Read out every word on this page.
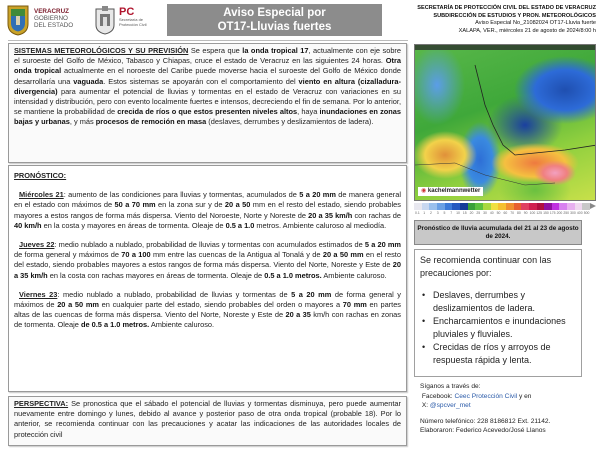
VERACRUZ
GOBIERNO
DEL ESTADO
PC
Secretaría de
Protección Civil
Aviso Especial por
OT17-Lluvias fuertes
SECRETARÍA DE PROTECCIÓN CIVIL DEL ESTADO DE VERACRUZ
SUBDIRECCIÓN DE ESTUDIOS Y PRON. METEOROLÓGICOS
Aviso Especial No_21082024 OT17-Lluvia fuerte
XALAPA, VER., miércoles 21 de agosto de 2024/8:00 h
SISTEMAS METEOROLÓGICOS Y SU PREVISIÓN Se espera que la onda tropical 17, actualmente con eje sobre el suroeste del Golfo de México, Tabasco y Chiapas, cruce el estado de Veracruz en las siguientes 24 horas. Otra onda tropical actualmente en el noroeste del Caribe puede moverse hacia el suroeste del Golfo de México donde desarrollaría una vaguada. Estos sistemas se apoyarán con el comportamiento del viento en altura (cizalladura-divergencia) para aumentar el potencial de lluvias y tormentas en el estado de Veracruz con variaciones en su intensidad y distribución, pero con evento localmente fuertes e intensos, decreciendo el fin de semana. Por lo anterior, se mantiene la probabilidad de crecida de ríos o que estos presenten niveles altos, haya inundaciones en zonas bajas y urbanas, y más procesos de remoción en masa (deslaves, derrumbes y deslizamientos de ladera).
PRONÓSTICO:
Miércoles 21: aumento de las condiciones para lluvias y tormentas, acumulados de 5 a 20 mm de manera general en el estado con máximos de 50 a 70 mm en la zona sur y de 20 a 50 mm en el resto del estado, siendo probables mayores a estos rangos de forma más dispersa. Viento del Noroeste, Norte y Noreste de 20 a 35 km/h con rachas de 40 km/h en la costa y mayores en áreas de tormenta. Oleaje de 0.5 a 1.0 metros. Ambiente caluroso al mediodía.
Jueves 22: medio nublado a nublado, probabilidad de lluvias y tormentas con acumulados estimados de 5 a 20 mm de forma general y máximos de 70 a 100 mm entre las cuencas de la Antigua al Tonalá y de 20 a 50 mm en el resto del estado, siendo probables mayores a estos rangos de forma más dispersa. Viento del Norte, Noreste y Este de 20 a 35 km/h en la costa con rachas mayores en áreas de tormenta. Oleaje de 0.5 a 1.0 metros. Ambiente caluroso.
Viernes 23: medio nublado a nublado, probabilidad de lluvias y tormentas de 5 a 20 mm de forma general y máximos de 20 a 50 mm en cualquier parte del estado, siendo probables del orden o mayores a 70 mm en partes altas de las cuencas de forma más dispersa. Viento del Norte, Noreste y Este de 20 a 35 km/h con rachas en zonas de tormenta. Oleaje de 0.5 a 1.0 metros. Ambiente caluroso.
PERSPECTIVA: Se pronostica que el sábado el potencial de lluvias y tormentas disminuya, pero puede aumentar nuevamente entre domingo y lunes, debido al avance y posterior paso de otra onda tropical (probable 18). Por lo anterior, se recomienda continuar con las precauciones y acatar las indicaciones de las autoridades locales de protección civil
◉ kachelmannwetter
0.1	1	2	3	5	7	10 15 20 25 30 40 50 60 70 80 90 100 125 150 175 200 250 300 400 500
Pronóstico de lluvia acumulada del 21 al 23 de agosto de 2024.
Se recomienda continuar con las precauciones por:
• Deslaves, derrumbes y deslizamientos de ladera.
• Encharcamientos e inundaciones pluviales y fluviales.
• Crecidas de ríos y arroyos de respuesta rápida y lenta.
Síganos a través de:
Facebook: Ceec Protección Civil y en
X: @spcver_met
Número telefónico: 228 8186812 Ext. 21142.
Elaboraron: Federico Acevedo/José Llanos
